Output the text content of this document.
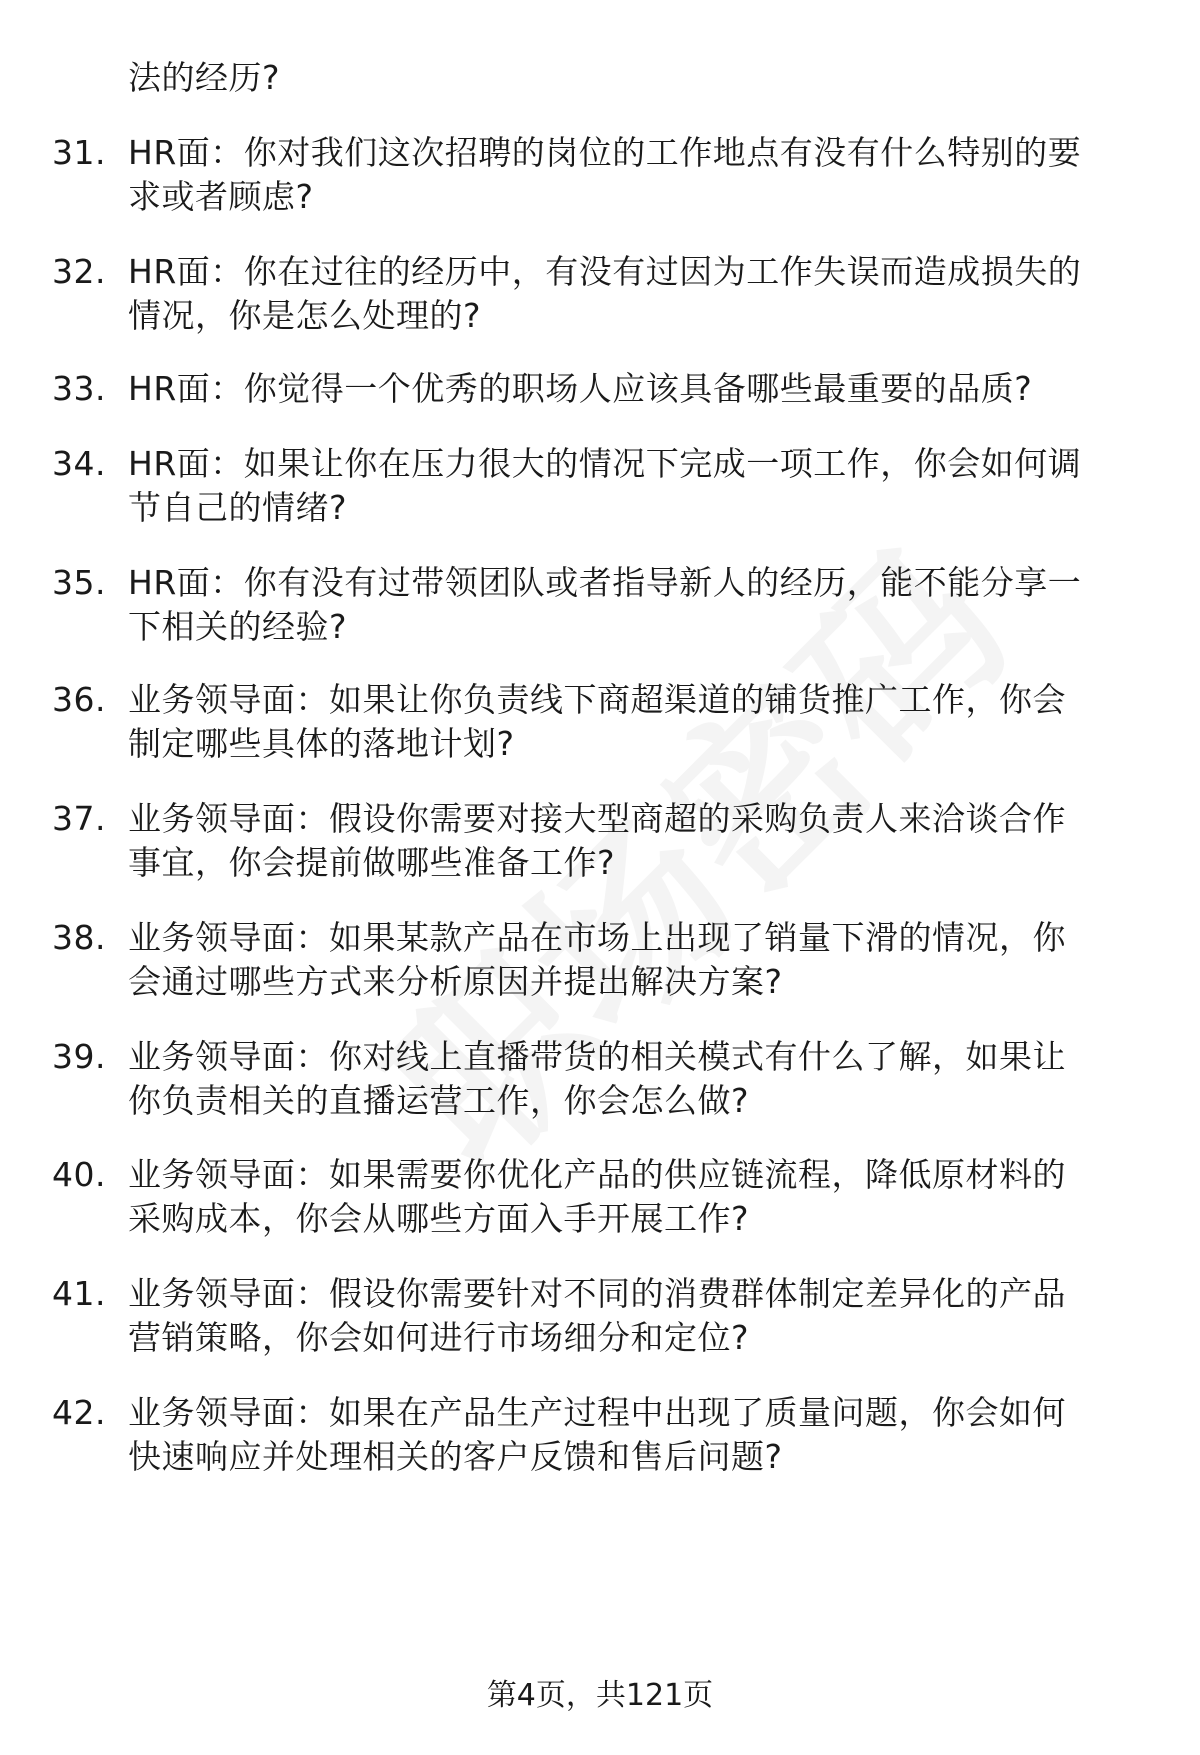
法的经历?
31. HR面：你对我们这次招聘的岗位的工作地点有没有什么特别的要
求或者顾虑?
32. HR面：你在过往的经历中，有没有过因为工作失误而造成损失的
情况，你是怎么处理的?
33. HR面：你觉得一个优秀的职场人应该具备哪些最重要的品质?
34. HR面：如果让你在压力很大的情况下完成一项工作，你会如何调
节自己的情绪?
35. HR面：你有没有过带领团队或者指导新人的经历，能不能分享一
下相关的经验?
36. 业务领导面：如果让你负责线下商超渠道的铺货推广工作，你会
制定哪些具体的落地计划?
37. 业务领导面：假设你需要对接大型商超的采购负责人来洽谈合作
事宜，你会提前做哪些准备工作?
38. 业务领导面：如果某款产品在市场上出现了销量下滑的情况，你
会通过哪些方式来分析原因并提出解决方案?
39. 业务领导面：你对线上直播带货的相关模式有什么了解，如果让
你负责相关的直播运营工作，你会怎么做?
40. 业务领导面：如果需要你优化产品的供应链流程，降低原材料的
采购成本，你会从哪些方面入手开展工作?
41. 业务领导面：假设你需要针对不同的消费群体制定差异化的产品
营销策略，你会如何进行市场细分和定位?
42. 业务领导面：如果在产品生产过程中出现了质量问题，你会如何
快速响应并处理相关的客户反馈和售后问题?
第4页，共121页
